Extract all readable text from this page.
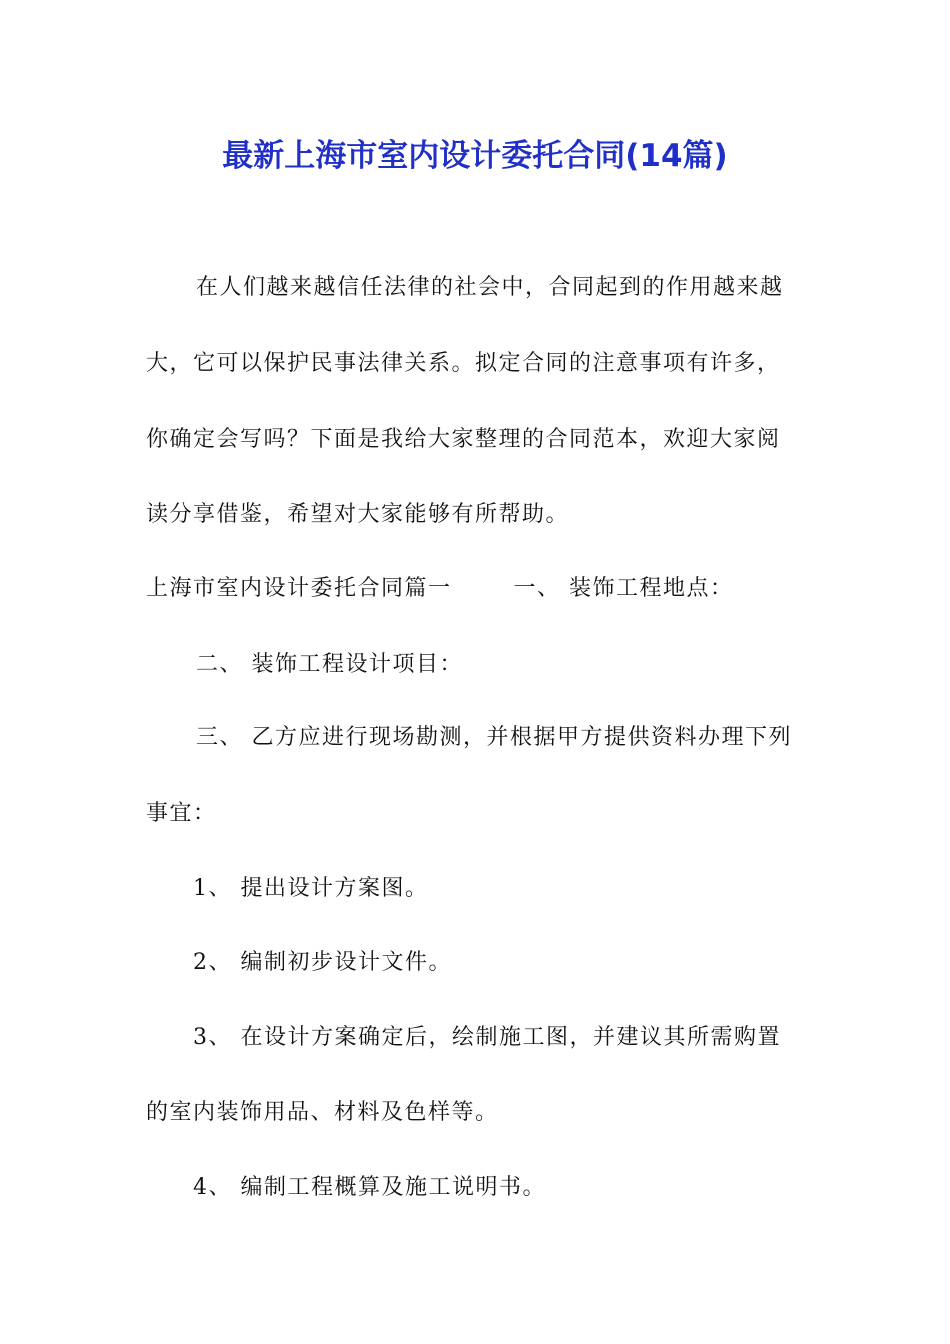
最新上海市室内设计委托合同(14篇)
在人们越来越信任法律的社会中，合同起到的作用越来越
大，它可以保护民事法律关系。拟定合同的注意事项有许多，
你确定会写吗？下面是我给大家整理的合同范本，欢迎大家阅
读分享借鉴，希望对大家能够有所帮助。
上海市室内设计委托合同篇一	一、 装饰工程地点：
二、 装饰工程设计项目：
三、 乙方应进行现场勘测，并根据甲方提供资料办理下列
事宜：
1、 提出设计方案图。
2、 编制初步设计文件。
3、 在设计方案确定后，绘制施工图，并建议其所需购置
的室内装饰用品、材料及色样等。
4、 编制工程概算及施工说明书。
